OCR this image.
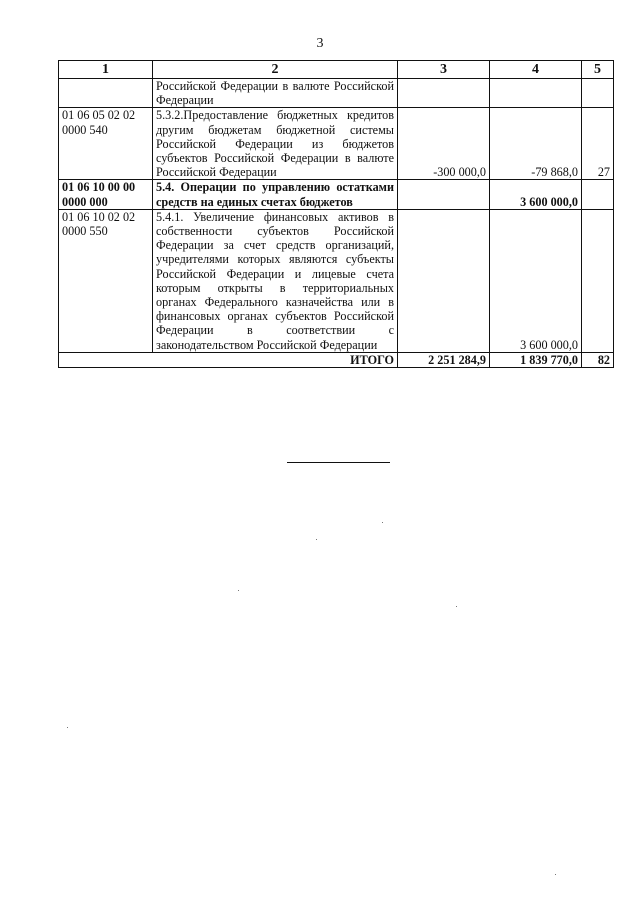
3
1	2	3	4	5
	Российской Федерации в валюте Российской Федерации			
01 06 05 02 02 0000 540	5.3.2.Предоставление бюджетных кредитов другим бюджетам бюджетной системы Российской Федерации из бюджетов субъектов Российской Федерации в валюте Российской Федерации	-300 000,0	-79 868,0	27
01 06 10 00 00 0000 000	5.4. Операции по управлению остатками средств на единых счетах бюджетов		3 600 000,0	
01 06 10 02 02 0000 550	5.4.1. Увеличение финансовых активов в собственности субъектов Российской Федерации за счет средств организаций, учредителями которых являются субъекты Российской Федерации и лицевые счета которым открыты в территориальных органах Федерального казначейства или в финансовых органах субъектов Российской Федерации в соответствии с законодательством Российской Федерации		3 600 000,0	
	ИТОГО	2 251 284,9	1 839 770,0	82
